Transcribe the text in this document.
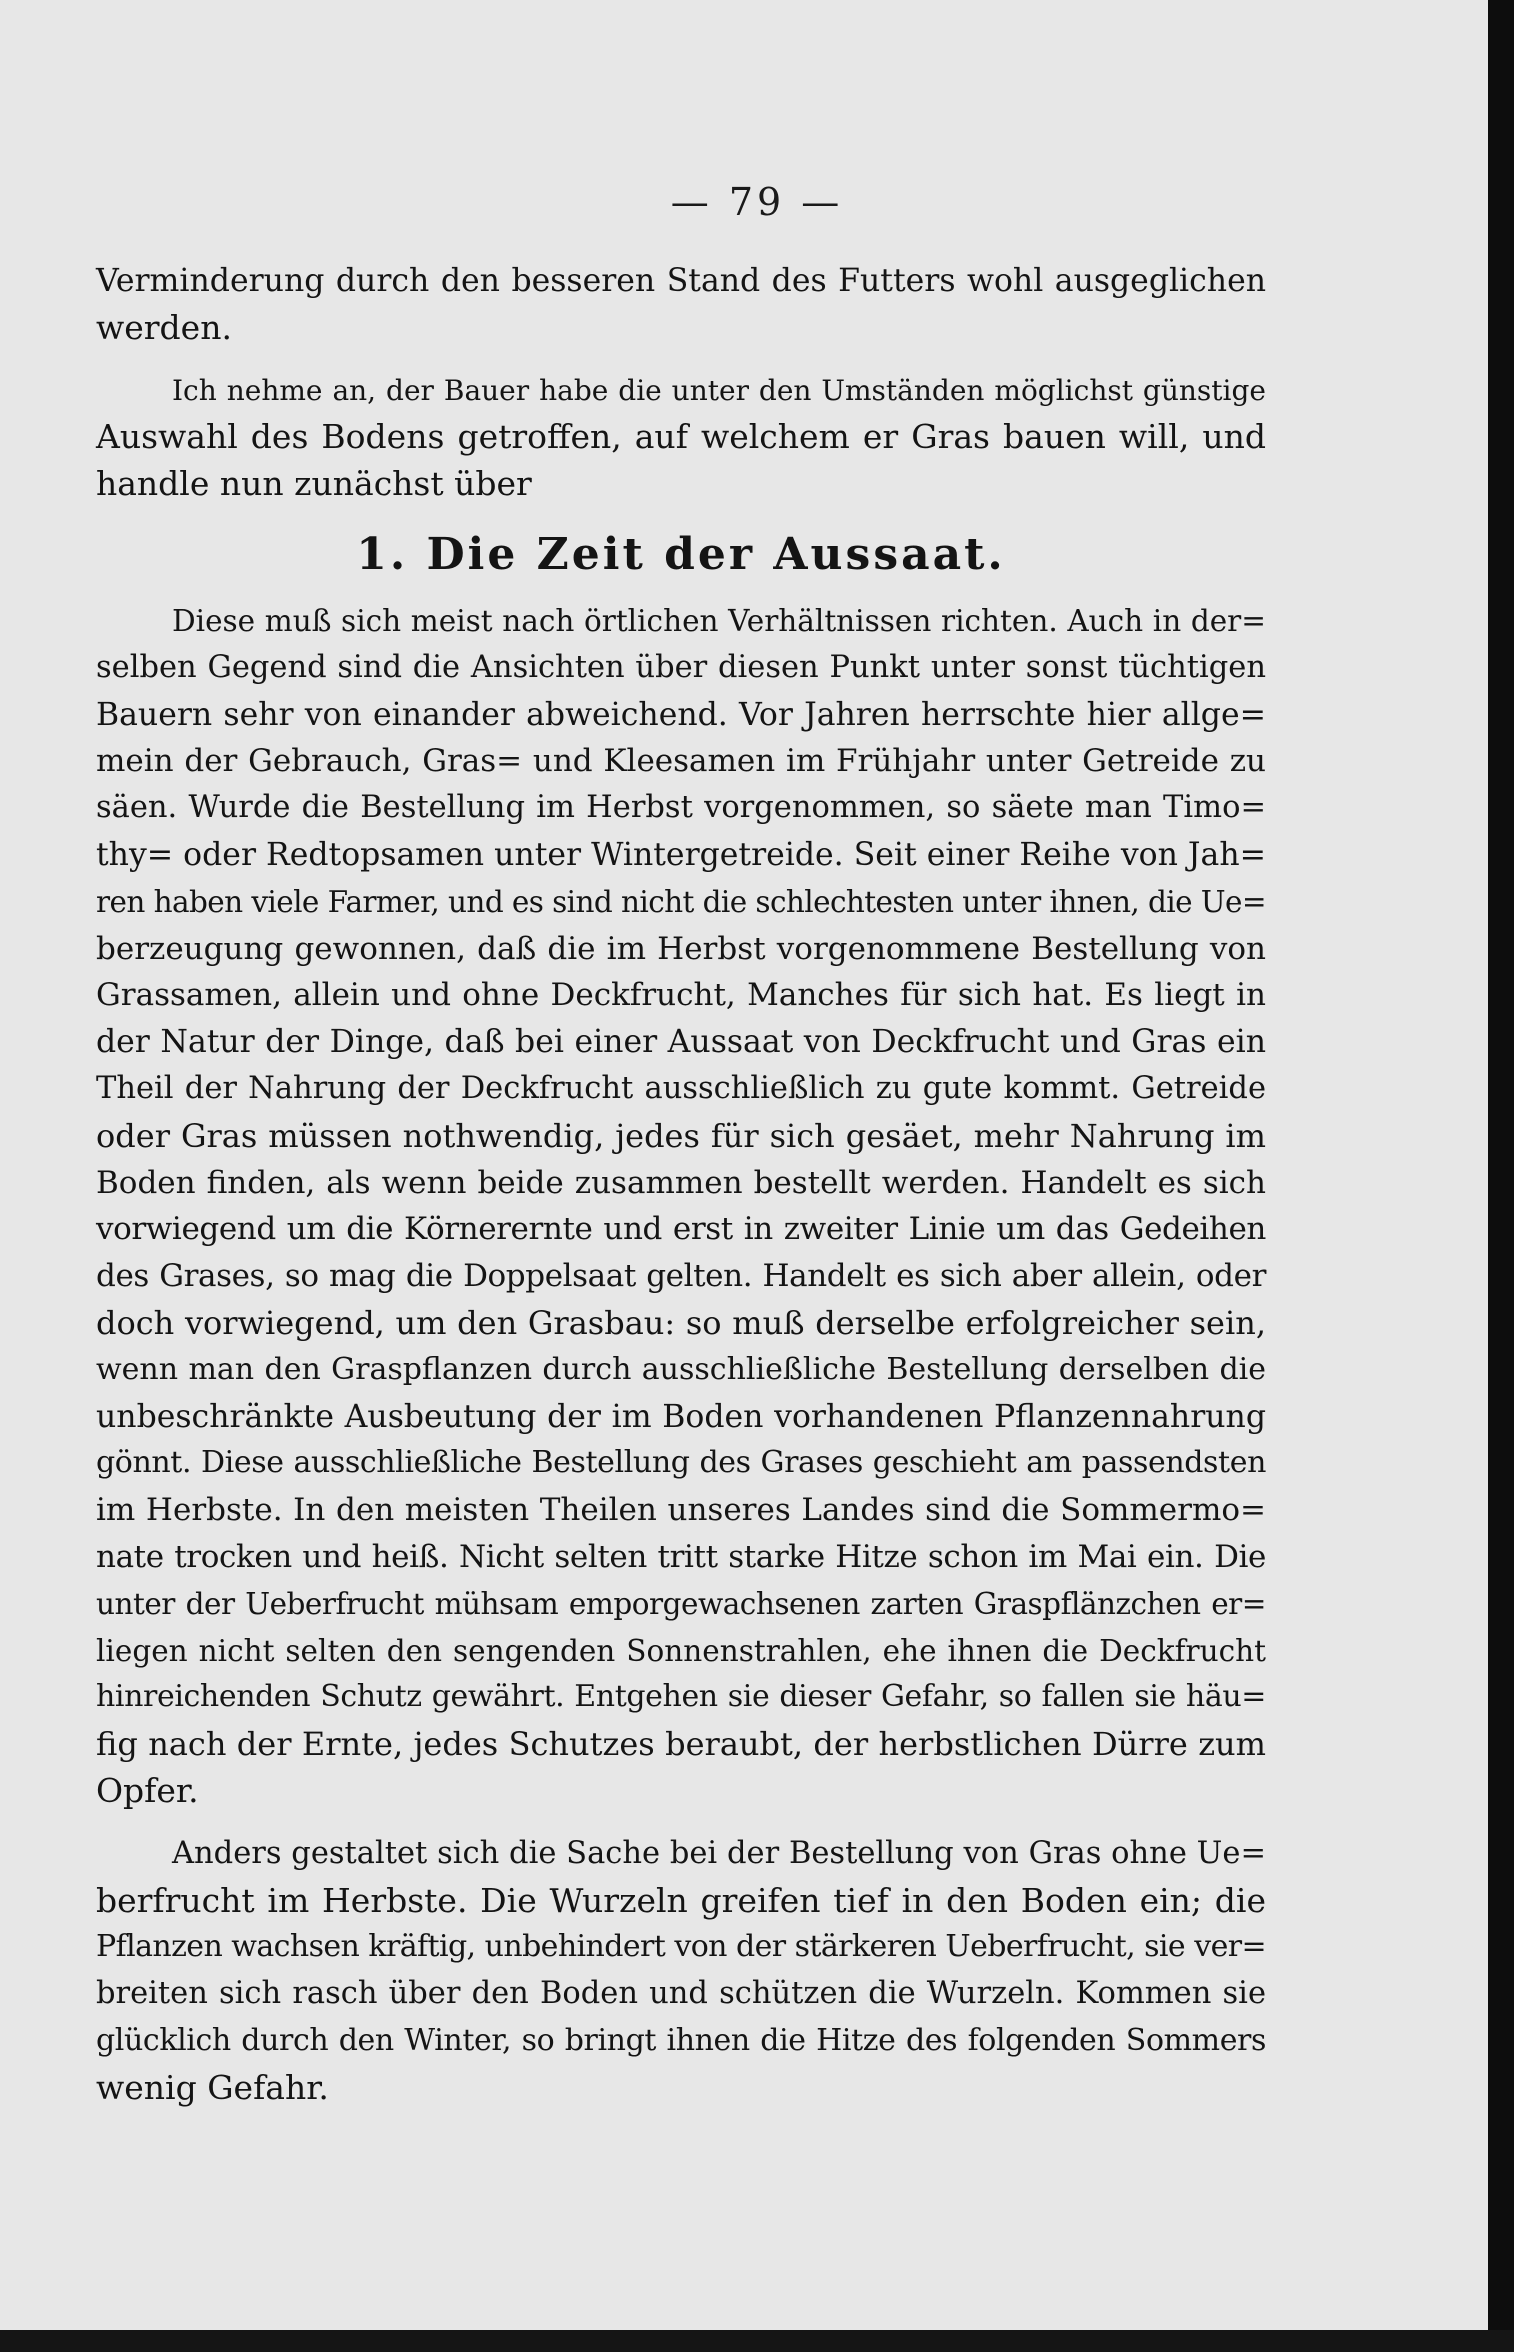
— 79 —
Verminderung durch den besseren Stand des Futters wohl ausgeglichen
werden.
Ich nehme an, der Bauer habe die unter den Umständen möglichst günstige
Auswahl des Bodens getroffen, auf welchem er Gras bauen will, und
handle nun zunächst über
1. Die Zeit der Aussaat.
Diese muß sich meist nach örtlichen Verhältnissen richten. Auch in der=
selben Gegend sind die Ansichten über diesen Punkt unter sonst tüchtigen
Bauern sehr von einander abweichend. Vor Jahren herrschte hier allge=
mein der Gebrauch, Gras= und Kleesamen im Frühjahr unter Getreide zu
säen. Wurde die Bestellung im Herbst vorgenommen, so säete man Timo=
thy= oder Redtopsamen unter Wintergetreide. Seit einer Reihe von Jah=
ren haben viele Farmer, und es sind nicht die schlechtesten unter ihnen, die Ue=
berzeugung gewonnen, daß die im Herbst vorgenommene Bestellung von
Grassamen, allein und ohne Deckfrucht, Manches für sich hat. Es liegt in
der Natur der Dinge, daß bei einer Aussaat von Deckfrucht und Gras ein
Theil der Nahrung der Deckfrucht ausschließlich zu gute kommt. Getreide
oder Gras müssen nothwendig, jedes für sich gesäet, mehr Nahrung im
Boden finden, als wenn beide zusammen bestellt werden. Handelt es sich
vorwiegend um die Körnerernte und erst in zweiter Linie um das Gedeihen
des Grases, so mag die Doppelsaat gelten. Handelt es sich aber allein, oder
doch vorwiegend, um den Grasbau: so muß derselbe erfolgreicher sein,
wenn man den Graspflanzen durch ausschließliche Bestellung derselben die
unbeschränkte Ausbeutung der im Boden vorhandenen Pflanzennahrung
gönnt. Diese ausschließliche Bestellung des Grases geschieht am passendsten
im Herbste. In den meisten Theilen unseres Landes sind die Sommermo=
nate trocken und heiß. Nicht selten tritt starke Hitze schon im Mai ein. Die
unter der Ueberfrucht mühsam emporgewachsenen zarten Graspflänzchen er=
liegen nicht selten den sengenden Sonnenstrahlen, ehe ihnen die Deckfrucht
hinreichenden Schutz gewährt. Entgehen sie dieser Gefahr, so fallen sie häu=
fig nach der Ernte, jedes Schutzes beraubt, der herbstlichen Dürre zum
Opfer.
Anders gestaltet sich die Sache bei der Bestellung von Gras ohne Ue=
berfrucht im Herbste. Die Wurzeln greifen tief in den Boden ein; die
Pflanzen wachsen kräftig, unbehindert von der stärkeren Ueberfrucht, sie ver=
breiten sich rasch über den Boden und schützen die Wurzeln. Kommen sie
glücklich durch den Winter, so bringt ihnen die Hitze des folgenden Sommers
wenig Gefahr.
